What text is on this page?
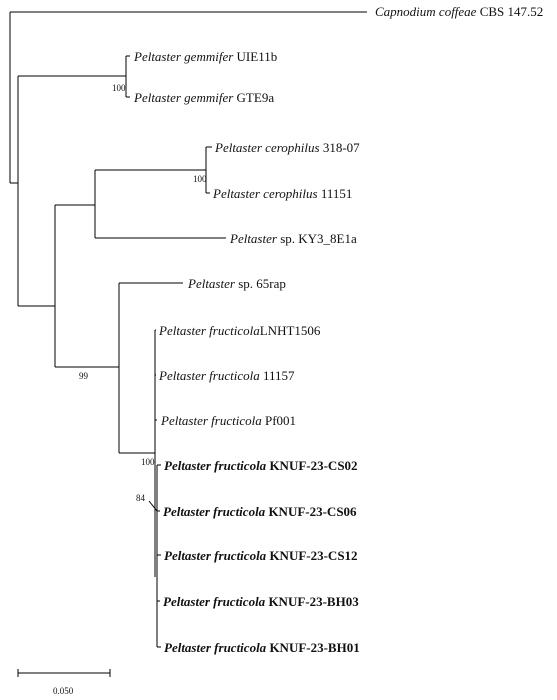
Capnodium coffeae CBS 147.52
Peltaster gemmifer UIE11b
Peltaster gemmifer GTE9a
Peltaster cerophilus 318-07
Peltaster cerophilus 11151
Peltaster sp. KY3_8E1a
Peltaster sp. 65rap
Peltaster fructicolaLNHT1506
Peltaster fructicola 11157
Peltaster fructicola Pf001
Peltaster fructicola KNUF-23-CS02
Peltaster fructicola KNUF-23-CS06
Peltaster fructicola KNUF-23-CS12
Peltaster fructicola KNUF-23-BH03
Peltaster fructicola KNUF-23-BH01
100
100
99
100
84
0.050
